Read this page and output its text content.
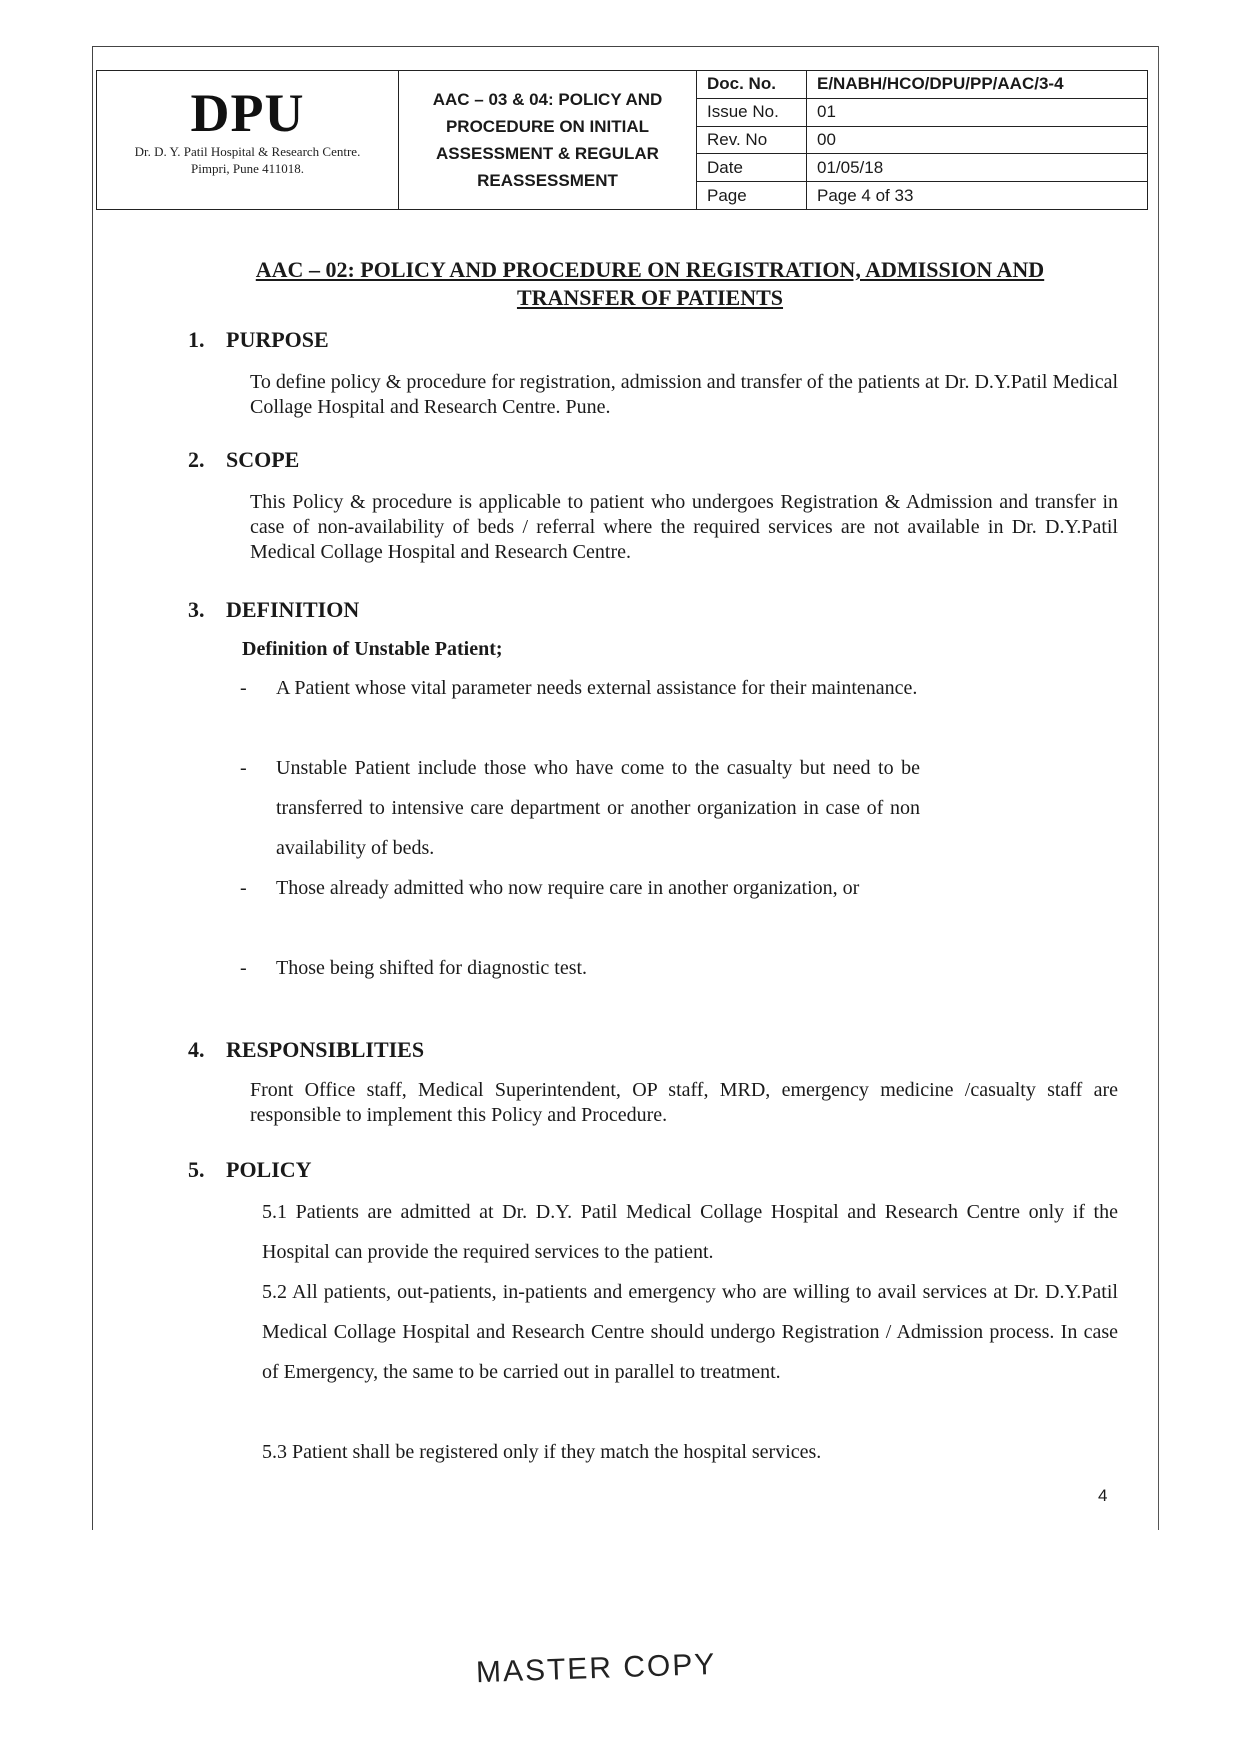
DPU
Dr. D. Y. Patil Hospital & Research Centre.
Pimpri, Pune 411018.
AAC – 03 & 04: POLICY AND PROCEDURE ON INITIAL ASSESSMENT & REGULAR REASSESSMENT
Doc. No.	E/NABH/HCO/DPU/PP/AAC/3-4
Issue No.	01
Rev. No	00
Date	01/05/18
Page	Page 4 of 33
AAC – 02: POLICY AND PROCEDURE ON REGISTRATION, ADMISSION AND
TRANSFER OF PATIENTS
1. PURPOSE
To define policy & procedure for registration, admission and transfer of the patients at Dr. D.Y.Patil Medical Collage Hospital and Research Centre. Pune.
2. SCOPE
This Policy & procedure is applicable to patient who undergoes Registration & Admission and transfer in case of non-availability of beds / referral where the required services are not available in Dr. D.Y.Patil Medical Collage Hospital and Research Centre.
3. DEFINITION
Definition of Unstable Patient;
- A Patient whose vital parameter needs external assistance for their maintenance.
- Unstable Patient include those who have come to the casualty but need to be transferred to intensive care department or another organization in case of non availability of beds.
- Those already admitted who now require care in another organization, or
- Those being shifted for diagnostic test.
4. RESPONSIBLITIES
Front Office staff, Medical Superintendent, OP staff, MRD, emergency medicine /casualty staff are responsible to implement this Policy and Procedure.
5. POLICY
5.1 Patients are admitted at Dr. D.Y. Patil Medical Collage Hospital and Research Centre only if the Hospital can provide the required services to the patient.
5.2 All patients, out-patients, in-patients and emergency who are willing to avail services at Dr. D.Y.Patil Medical Collage Hospital and Research Centre should undergo Registration / Admission process. In case of Emergency, the same to be carried out in parallel to treatment.
5.3 Patient shall be registered only if they match the hospital services.
4
MASTER COPY
